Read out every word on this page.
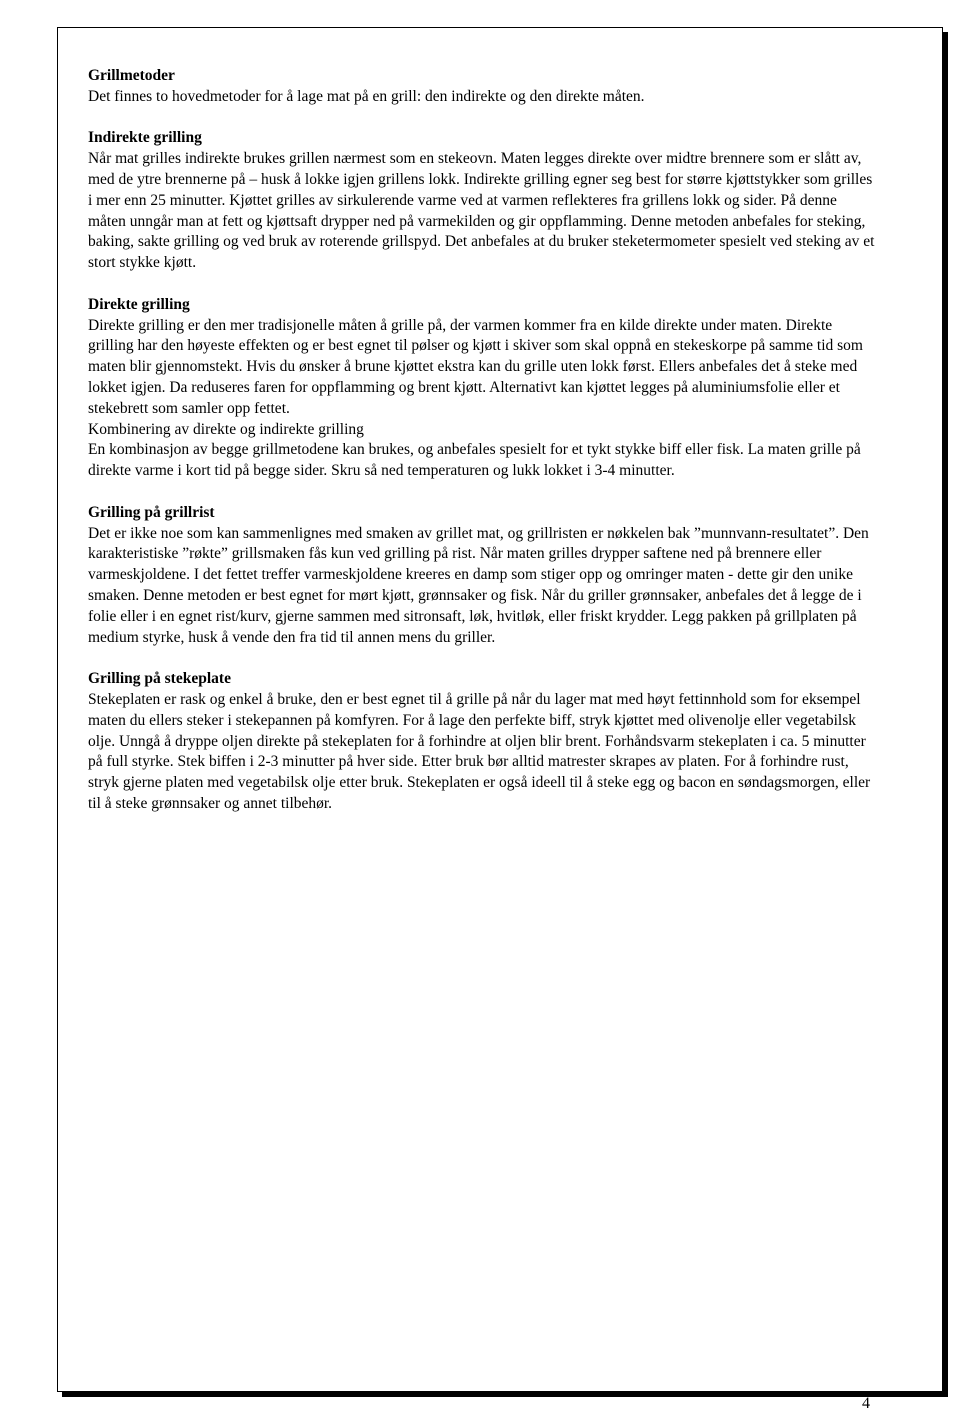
Grillmetoder
Det finnes to hovedmetoder for å lage mat på en grill: den indirekte og den direkte måten.
Indirekte grilling
Når mat grilles indirekte brukes grillen nærmest som en stekeovn. Maten legges direkte over midtre brennere som er slått av, med de ytre brennerne på – husk å lokke igjen grillens lokk. Indirekte grilling egner seg best for større kjøttstykker som grilles i mer enn 25 minutter. Kjøttet grilles av sirkulerende varme ved at varmen reflekteres fra grillens lokk og sider. På denne måten unngår man at fett og kjøttsaft drypper ned på varmekilden og gir oppflamming. Denne metoden anbefales for steking, baking, sakte grilling og ved bruk av roterende grillspyd. Det anbefales at du bruker steketermometer spesielt ved steking av et stort stykke kjøtt.
Direkte grilling
Direkte grilling er den mer tradisjonelle måten å grille på, der varmen kommer fra en kilde direkte under maten. Direkte grilling har den høyeste effekten og er best egnet til pølser og kjøtt i skiver som skal oppnå en stekeskorpe på samme tid som maten blir gjennomstekt. Hvis du ønsker å brune kjøttet ekstra kan du grille uten lokk først. Ellers anbefales det å steke med lokket igjen. Da reduseres faren for oppflamming og brent kjøtt. Alternativt kan kjøttet legges på aluminiumsfolie eller et stekebrett som samler opp fettet.
Kombinering av direkte og indirekte grilling
En kombinasjon av begge grillmetodene kan brukes, og anbefales spesielt for et tykt stykke biff eller fisk. La maten grille på direkte varme i kort tid på begge sider. Skru så ned temperaturen og lukk lokket i 3-4 minutter.
Grilling på grillrist
Det er ikke noe som kan sammenlignes med smaken av grillet mat, og grillristen er nøkkelen bak ”munnvann-resultatet”. Den karakteristiske ”røkte” grillsmaken fås kun ved grilling på rist. Når maten grilles drypper saftene ned på brennere eller varmeskjoldene. I det fettet treffer varmeskjoldene kreeres en damp som stiger opp og omringer maten - dette gir den unike smaken. Denne metoden er best egnet for mørt kjøtt, grønnsaker og fisk. Når du griller grønnsaker, anbefales det å legge de i folie eller i en egnet rist/kurv, gjerne sammen med sitronsaft, løk, hvitløk, eller friskt krydder. Legg pakken på grillplaten på medium styrke, husk å vende den fra tid til annen mens du griller.
Grilling på stekeplate
Stekeplaten er rask og enkel å bruke, den er best egnet til å grille på når du lager mat med høyt fettinnhold som for eksempel maten du ellers steker i stekepannen på komfyren. For å lage den perfekte biff, stryk kjøttet med olivenolje eller vegetabilsk olje. Unngå å dryppe oljen direkte på stekeplaten for å forhindre at oljen blir brent. Forhåndsvarm stekeplaten i ca. 5 minutter på full styrke. Stek biffen i 2-3 minutter på hver side. Etter bruk bør alltid matrester skrapes av platen. For å forhindre rust, stryk gjerne platen med vegetabilsk olje etter bruk. Stekeplaten er også ideell til å steke egg og bacon en søndagsmorgen, eller til å steke grønnsaker og annet tilbehør.
4
